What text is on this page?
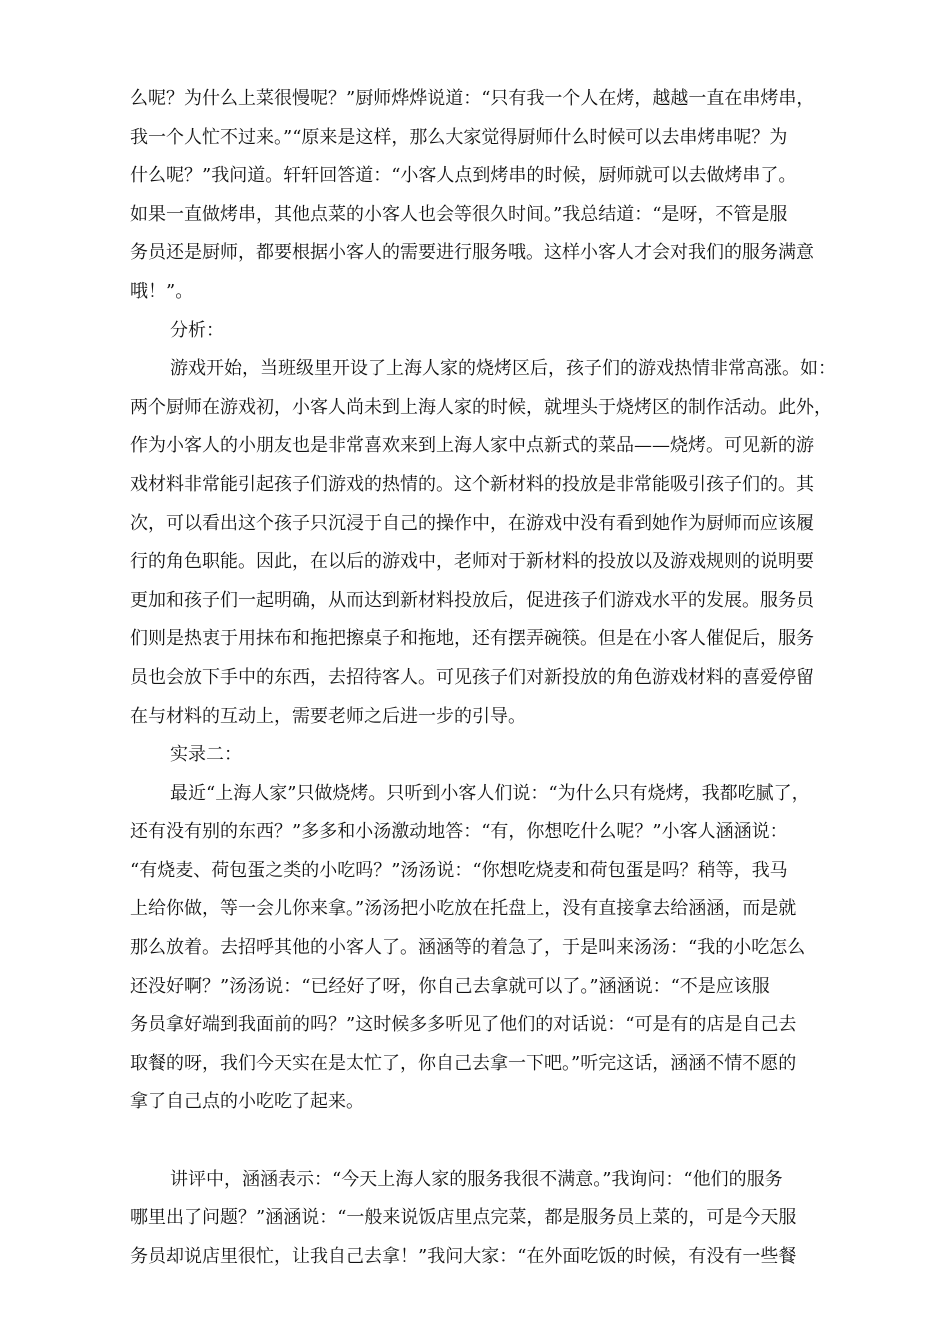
么呢？为什么上菜很慢呢？”厨师烨烨说道：“只有我一个人在烤，越越一直在串烤串，
我一个人忙不过来。”“原来是这样，那么大家觉得厨师什么时候可以去串烤串呢？为
什么呢？”我问道。轩轩回答道：“小客人点到烤串的时候，厨师就可以去做烤串了。
如果一直做烤串，其他点菜的小客人也会等很久时间。”我总结道：“是呀，不管是服
务员还是厨师，都要根据小客人的需要进行服务哦。这样小客人才会对我们的服务满意
哦！”。
分析：
游戏开始，当班级里开设了上海人家的烧烤区后，孩子们的游戏热情非常高涨。如：
两个厨师在游戏初，小客人尚未到上海人家的时候，就埋头于烧烤区的制作活动。此外，
作为小客人的小朋友也是非常喜欢来到上海人家中点新式的菜品——烧烤。可见新的游
戏材料非常能引起孩子们游戏的热情的。这个新材料的投放是非常能吸引孩子们的。其
次，可以看出这个孩子只沉浸于自己的操作中，在游戏中没有看到她作为厨师而应该履
行的角色职能。因此，在以后的游戏中，老师对于新材料的投放以及游戏规则的说明要
更加和孩子们一起明确，从而达到新材料投放后，促进孩子们游戏水平的发展。服务员
们则是热衷于用抹布和拖把擦桌子和拖地，还有摆弄碗筷。但是在小客人催促后，服务
员也会放下手中的东西，去招待客人。可见孩子们对新投放的角色游戏材料的喜爱停留
在与材料的互动上，需要老师之后进一步的引导。
实录二：
最近“上海人家”只做烧烤。只听到小客人们说：“为什么只有烧烤，我都吃腻了，
还有没有别的东西？”多多和小汤激动地答：“有，你想吃什么呢？”小客人涵涵说：
“有烧麦、荷包蛋之类的小吃吗？”汤汤说：“你想吃烧麦和荷包蛋是吗？稍等，我马
上给你做，等一会儿你来拿。”汤汤把小吃放在托盘上，没有直接拿去给涵涵，而是就
那么放着。去招呼其他的小客人了。涵涵等的着急了，于是叫来汤汤：“我的小吃怎么
还没好啊？”汤汤说：“已经好了呀，你自己去拿就可以了。”涵涵说：“不是应该服
务员拿好端到我面前的吗？”这时候多多听见了他们的对话说：“可是有的店是自己去
取餐的呀，我们今天实在是太忙了，你自己去拿一下吧。”听完这话，涵涵不情不愿的
拿了自己点的小吃吃了起来。
讲评中，涵涵表示：“今天上海人家的服务我很不满意。”我询问：“他们的服务
哪里出了问题？”涵涵说：“一般来说饭店里点完菜，都是服务员上菜的，可是今天服
务员却说店里很忙，让我自己去拿！”我问大家：“在外面吃饭的时候，有没有一些餐
